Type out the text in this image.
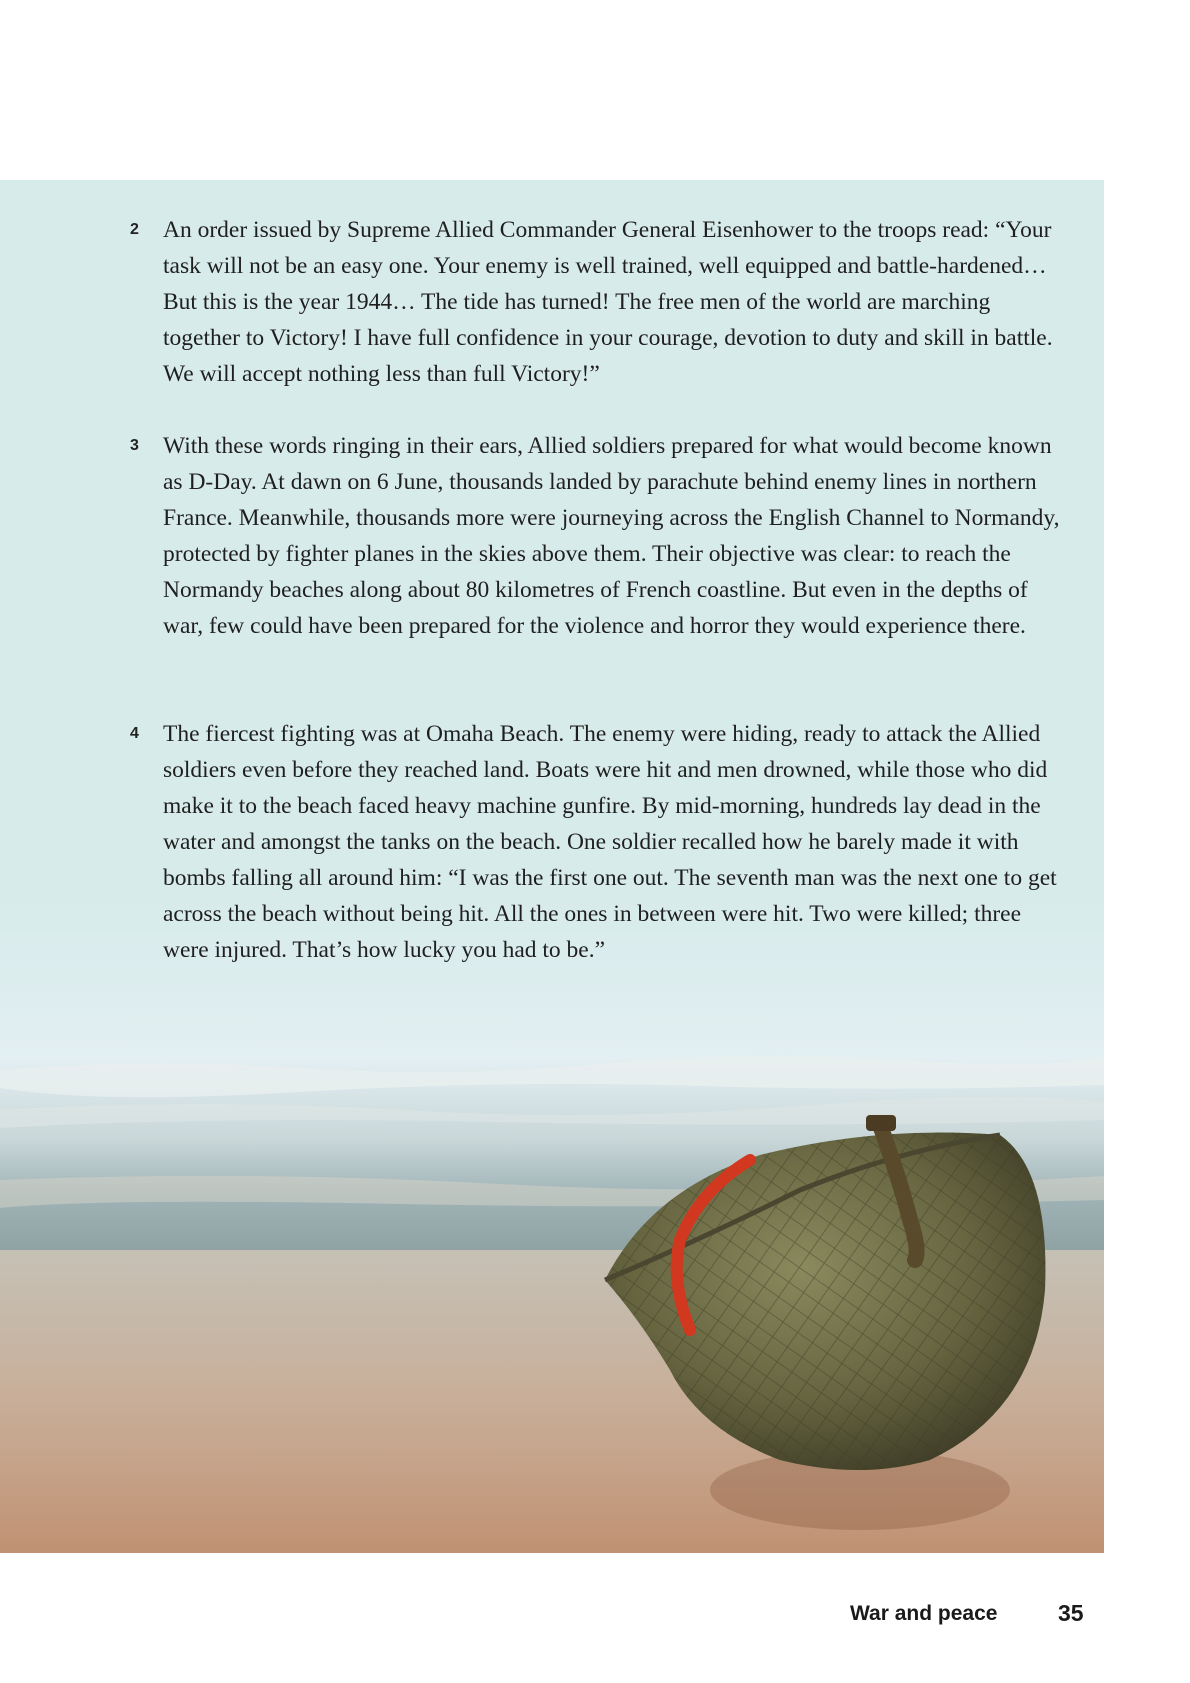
2	An order issued by Supreme Allied Commander General Eisenhower to the troops read: “Your task will not be an easy one. Your enemy is well trained, well equipped and battle-hardened… But this is the year 1944… The tide has turned! The free men of the world are marching together to Victory! I have full confidence in your courage, devotion to duty and skill in battle. We will accept nothing less than full Victory!”
3	With these words ringing in their ears, Allied soldiers prepared for what would become known as D-Day. At dawn on 6 June, thousands landed by parachute behind enemy lines in northern France. Meanwhile, thousands more were journeying across the English Channel to Normandy, protected by fighter planes in the skies above them. Their objective was clear: to reach the Normandy beaches along about 80 kilometres of French coastline. But even in the depths of war, few could have been prepared for the violence and horror they would experience there.
4	The fiercest fighting was at Omaha Beach. The enemy were hiding, ready to attack the Allied soldiers even before they reached land. Boats were hit and men drowned, while those who did make it to the beach faced heavy machine gunfire. By mid-morning, hundreds lay dead in the water and amongst the tanks on the beach. One soldier recalled how he barely made it with bombs falling all around him: “I was the first one out. The seventh man was the next one to get across the beach without being hit. All the ones in between were hit. Two were killed; three were injured. That’s how lucky you had to be.”
War and peace	35
